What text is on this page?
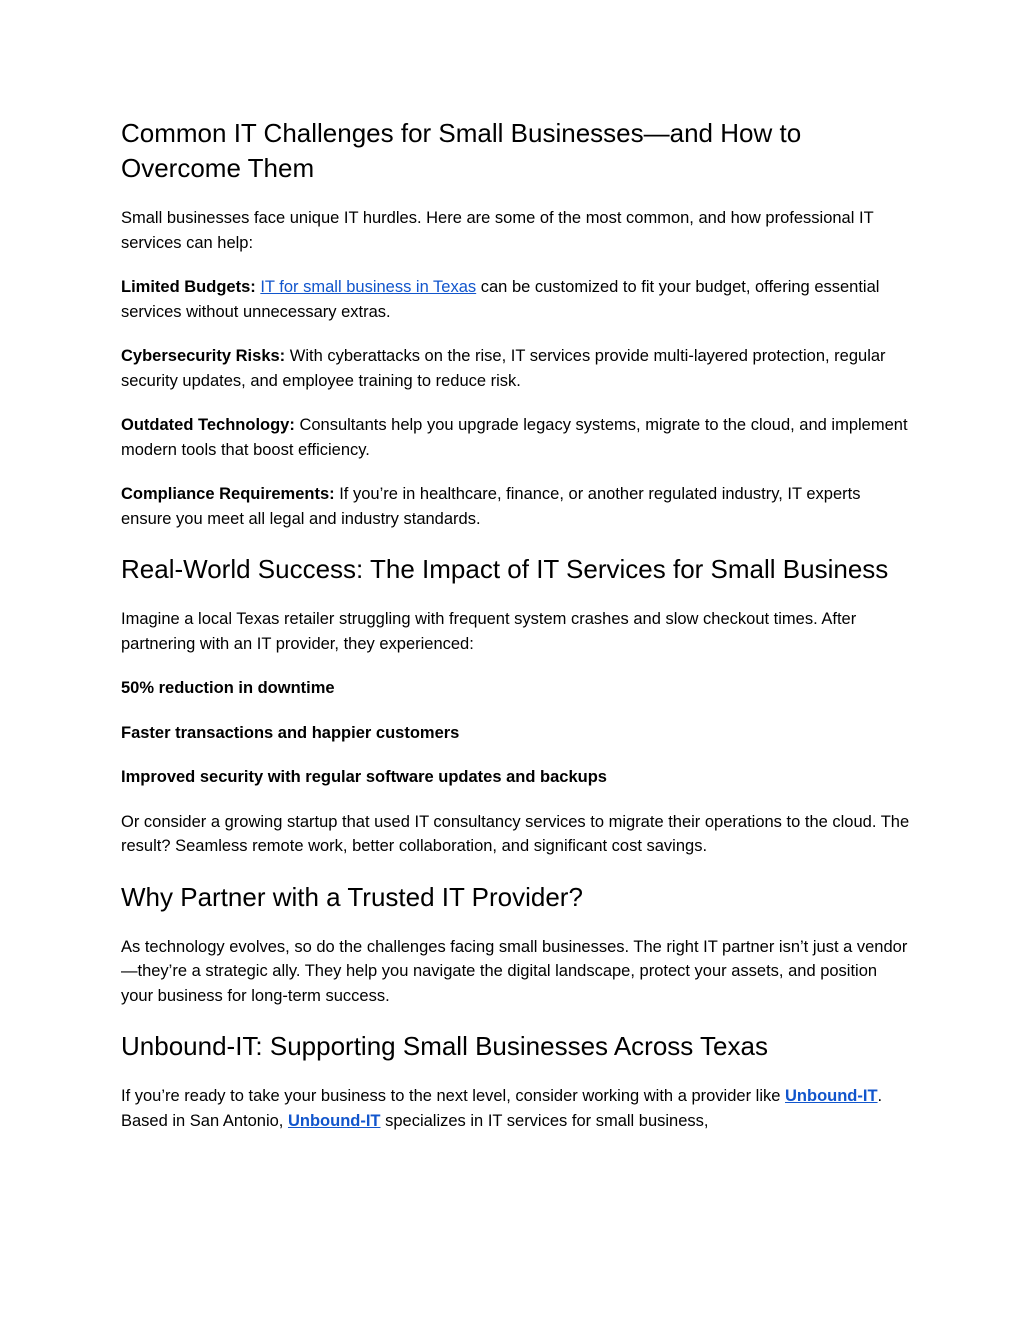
Common IT Challenges for Small Businesses—and How to Overcome Them

Small businesses face unique IT hurdles. Here are some of the most common, and how professional IT services can help:

Limited Budgets: IT for small business in Texas can be customized to fit your budget, offering essential services without unnecessary extras.

Cybersecurity Risks: With cyberattacks on the rise, IT services provide multi-layered protection, regular security updates, and employee training to reduce risk.

Outdated Technology: Consultants help you upgrade legacy systems, migrate to the cloud, and implement modern tools that boost efficiency.

Compliance Requirements: If you’re in healthcare, finance, or another regulated industry, IT experts ensure you meet all legal and industry standards.

Real-World Success: The Impact of IT Services for Small Business

Imagine a local Texas retailer struggling with frequent system crashes and slow checkout times. After partnering with an IT provider, they experienced:

50% reduction in downtime

Faster transactions and happier customers

Improved security with regular software updates and backups

Or consider a growing startup that used IT consultancy services to migrate their operations to the cloud. The result? Seamless remote work, better collaboration, and significant cost savings.

Why Partner with a Trusted IT Provider?

As technology evolves, so do the challenges facing small businesses. The right IT partner isn’t just a vendor—they’re a strategic ally. They help you navigate the digital landscape, protect your assets, and position your business for long-term success.

Unbound-IT: Supporting Small Businesses Across Texas

If you’re ready to take your business to the next level, consider working with a provider like Unbound-IT. Based in San Antonio, Unbound-IT specializes in IT services for small business,
